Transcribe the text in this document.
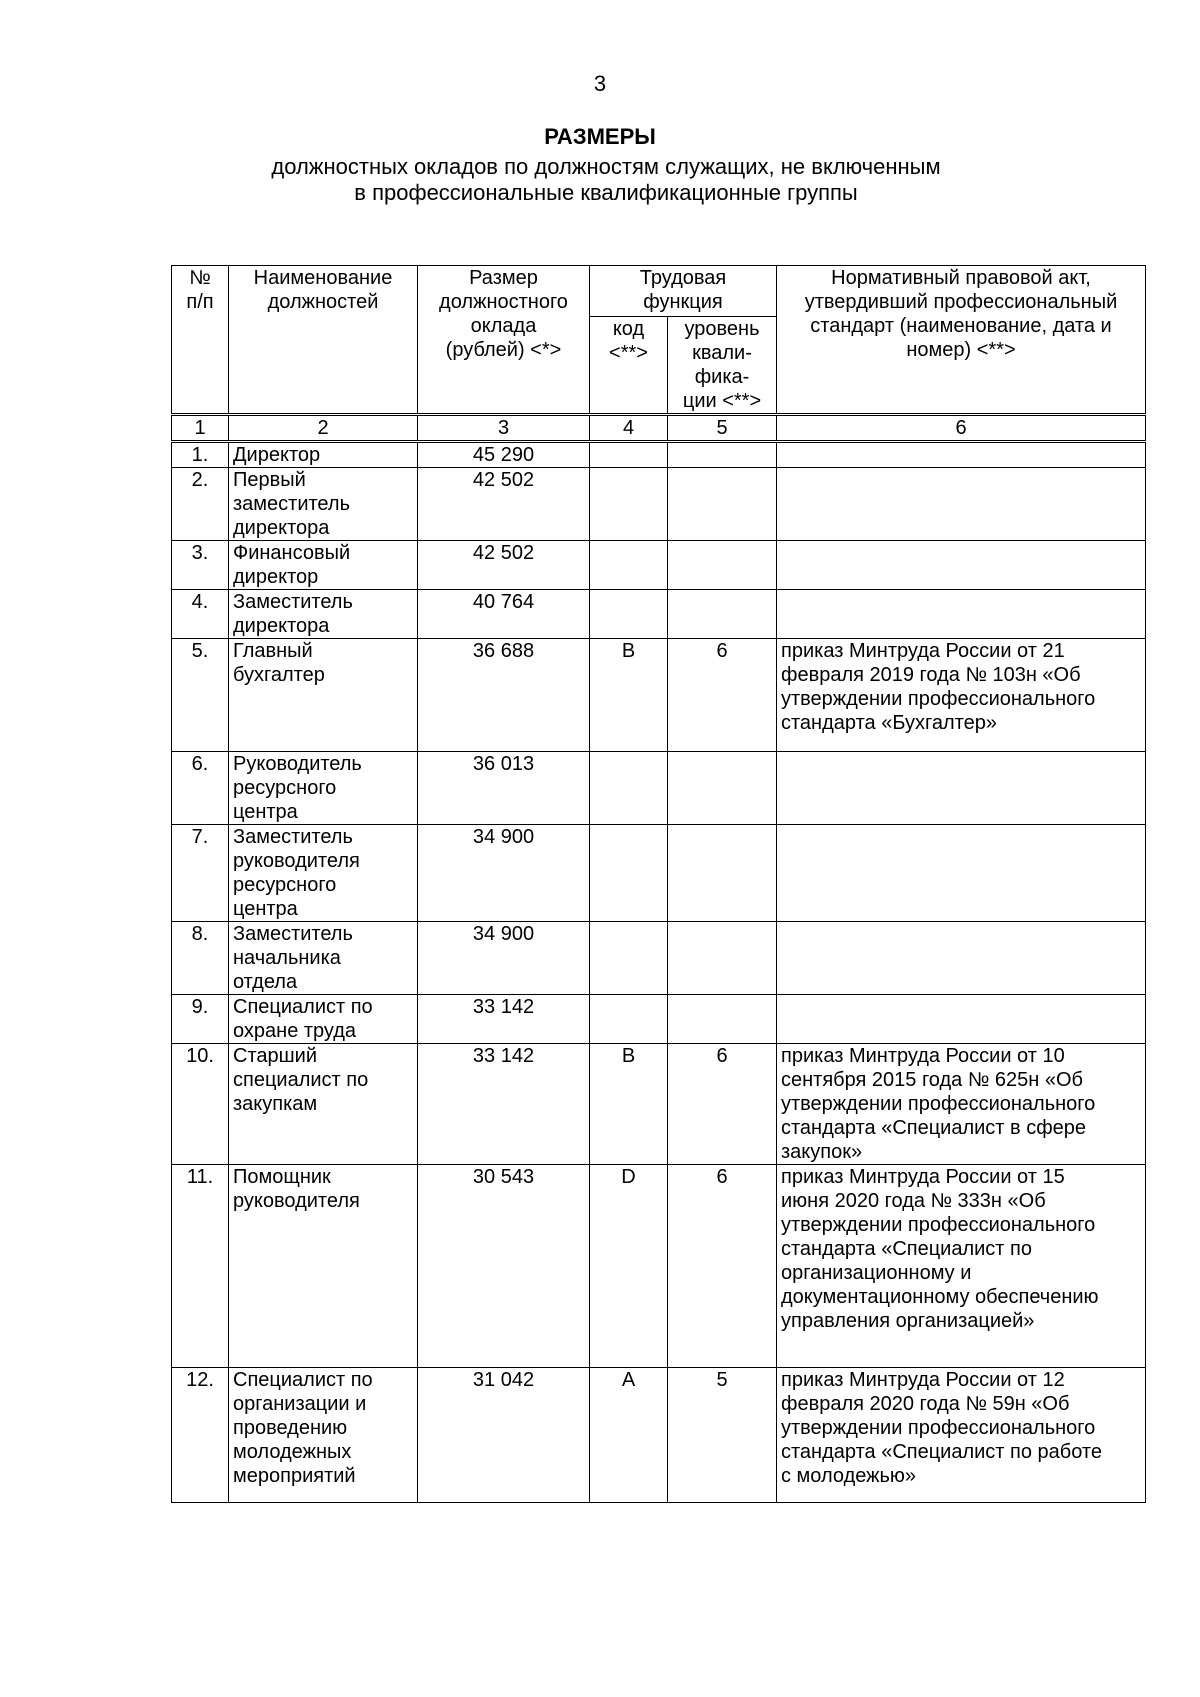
3
РАЗМЕРЫ
должностных окладов по должностям служащих, не включенным
в профессиональные квалификационные группы
№ п/п	Наименование должностей	Размер должностного оклада (рублей) <*>	Трудовая функция		Нормативный правовой акт, утвердивший профессиональный стандарт (наименование, дата и номер) <**>

			код <**>	уровень квали-фика-ции <**>	

1	2	3	4	5	6
1.	Директор	45 290			

2.	Первый заместитель директора	42 502			

3.	Финансовый директор	42 502			

4.	Заместитель директора	40 764			

5.	Главный бухгалтер	36 688	B	6	приказ Минтруда России от 21 февраля 2019 года № 103н «Об утверждении профессионального стандарта «Бухгалтер»

6.	Руководитель ресурсного центра	36 013			

7.	Заместитель руководителя ресурсного центра	34 900			

8.	Заместитель начальника отдела	34 900			

9.	Специалист по охране труда	33 142			

10.	Старший специалист по закупкам	33 142	B	6	приказ Минтруда России от 10 сентября 2015 года № 625н «Об утверждении профессионального стандарта «Специалист в сфере закупок»

11.	Помощник руководителя	30 543	D	6	приказ Минтруда России от 15 июня 2020 года № 333н «Об утверждении профессионального стандарта «Специалист по организационному и документационному обеспечению управления организацией»

12.	Специалист по организации и проведению молодежных мероприятий	31 042	A	5	приказ Минтруда России от 12 февраля 2020 года № 59н «Об утверждении профессионального стандарта «Специалист по работе с молодежью»
